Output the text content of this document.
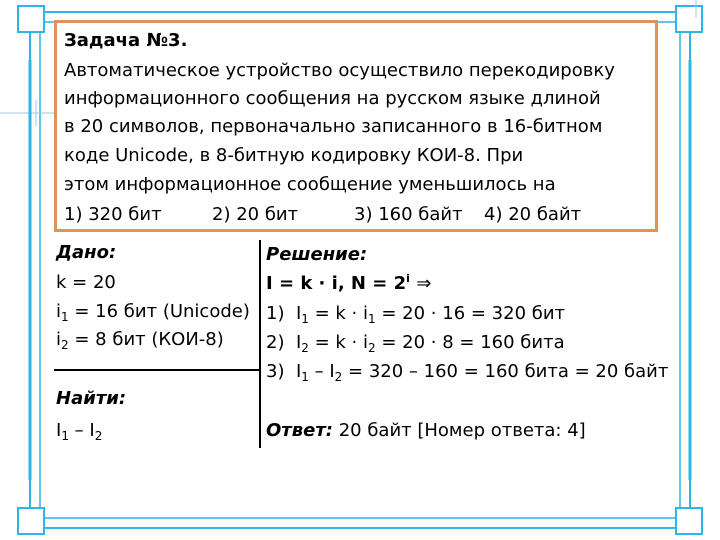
Задача №3.
Автоматическое устройство осуществило перекодировку
информационного сообщения на русском языке длиной
в 20 символов, первоначально записанного в 16-битном
коде Unicode, в 8-битную кодировку КОИ-8. При
этом информационное сообщение уменьшилось на
1) 320 бит	2) 20 бит	3) 160 байт 4) 20 байт
Дано:
k = 20
$i_1 = 16$ бит (Unicode)
$i_2 = 8$ бит (КОИ-8)
Найти:
$I_1 - I_2$
Решение:
I = k · i, $N = 2^i$ ⇒
1) $I_1 = k \cdot i_1 = 20 \cdot 16 = 320$ бит
2) $I_2 = k \cdot i_2 = 20 \cdot 8 = 160$ бита
3) $I_1 - I_2 = 320 - 160 = 160$ бита = 20 байт
Ответ: 20 байт [Номер ответа: 4]
